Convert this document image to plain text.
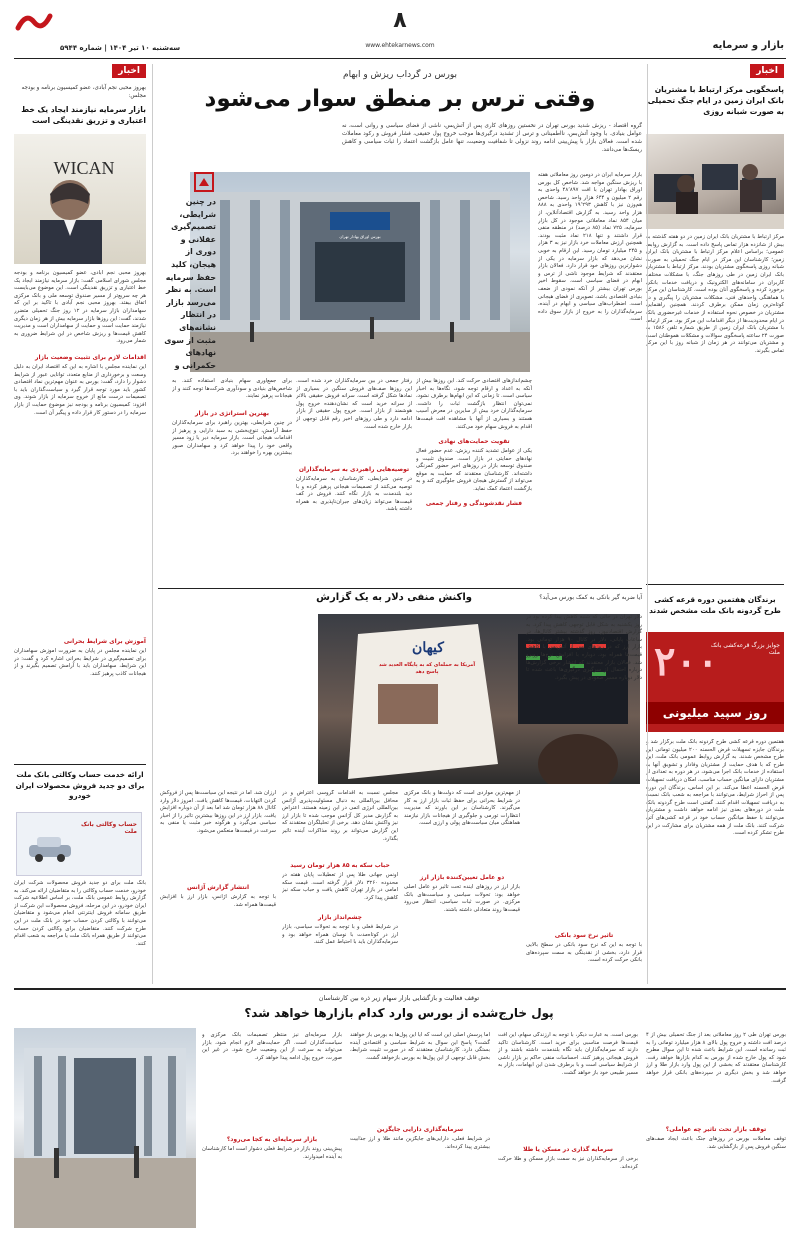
سه‌شنبه ۱۰ تیر ۱۴۰۴ | شماره ۵۹۴۴
۸
www.ehtekarnews.com	بازار و سرمایه
اخبار
پاسخگویی مرکز ارتباط با مشتریان بانک ایران زمین در ایام جنگ تحمیلی به صورت شبانه روزی
مرکز ارتباط با مشتریان بانک ایران زمین در دو هفته گذشته به بیش از شانزده هزار تماس پاسخ داده است. به گزارش روابط عمومی؛ براساس اعلام مرکز ارتباط با مشتریان بانک ایران زمین؛ کارشناسان این مرکز در ایام جنگ تحمیلی به صورت شبانه روزی پاسخگوی مشتریان بودند. مرکز ارتباط با مشتریان بانک ایران زمین در طی روزهای جنگ، با مشکلات مختلف کاربران در سامانه‌های الکترونیک و دریافت خدمات بانکی برخورد کرده و پاسخگوی آنان بوده است. کارشناسان این مرکز با هماهنگی واحدهای فنی، مشکلات مشتریان را پیگیری و در کوتاه‌ترین زمان ممکن برطرف کردند. همچنین راهنمایی مشتریان در خصوص نحوه استفاده از خدمات غیرحضوری بانک در ایام محدودیت‌ها از دیگر اقدامات این مرکز بود. مرکز ارتباط با مشتریان بانک ایران زمین از طریق شماره تلفن ۱۵۸۶ به صورت ۲۴ ساعته پاسخگوی سوالات و مشکلات هموطنان است و مشتریان می‌توانند در هر زمان از شبانه روز با این مرکز تماس بگیرند.
برندگان هفتمین دوره قرعه کشی طرح گردونه بانک ملت مشخص شدند
۲۰۰
جوایز بزرگ قرعه‌کشی بانک ملت
روز سپید میلیونی
هفتمین دوره قرعه کشی طرح گردونه بانک ملت برگزار شد و برندگان جایزه تسهیلات قرض الحسنه ۲۰۰ میلیون تومانی این طرح مشخص شدند. به گزارش روابط عمومی بانک ملت، این طرح که با هدف حمایت از مشتریان وفادار و تشویق آنها به استفاده از خدمات بانک اجرا می‌شود، در هر دوره به تعدادی از مشتریان دارای میانگین حساب مناسب، امکان دریافت تسهیلات قرض الحسنه اعطا می‌کند. بر این اساس، برندگان این دوره پس از احراز شرایط، می‌توانند با مراجعه به شعب بانک نسبت به دریافت تسهیلات اقدام کنند. گفتنی است طرح گردونه بانک ملت در دوره‌های بعدی نیز ادامه خواهد داشت و مشتریان می‌توانند با حفظ میانگین حساب خود در قرعه کشی‌های آتی شرکت کنند. بانک ملت از همه مشتریان برای مشارکت در این طرح تشکر کرده است.
اخبار
بهروز محبی نجم آبادی، عضو کمیسیون برنامه و بودجه مجلس:
بازار سرمایه نیازمند ایجاد یک خط اعتباری و تزریق نقدینگی است
WICAN
بهروز محبی نجم آبادی، عضو کمیسیون برنامه و بودجه مجلس شورای اسلامی گفت: بازار سرمایه نیازمند ایجاد یک خط اعتباری و تزریق نقدینگی است. این موضوع می‌بایست هر چه سریع‌تر از مسیر صندوق توسعه ملی و بانک مرکزی اتفاق بیفتد. بهروز محبی نجم آبادی با تاکید بر این که سهامداران بازار سرمایه در ۱۲ روز جنگ تحمیلی متضرر شدند، گفت: این روزها بازار سرمایه بیش از هر زمان دیگری نیازمند حمایت است و حمایت از سهامداران است و مدیریت کاهش قیمت‌ها و ریزش شاخص در این شرایط ضروری به شمار می‌رود.
اقدامات لازم برای تثبیت وضعیت بازار
این نماینده مجلس با اشاره به این که اقتصاد ایران به دلیل وسعت و برخورداری از منابع متعدد، توانایی عبور از شرایط دشوار را دارد، گفت: بورس به عنوان مهم‌ترین نماد اقتصادی کشور باید مورد توجه قرار گیرد و سیاست‌گذاران باید با تصمیمات درست مانع از خروج سرمایه از بازار شوند. وی افزود: کمیسیون برنامه و بودجه نیز موضوع حمایت از بازار سرمایه را در دستور کار قرار داده و پیگیر آن است.
آموزش برای شرایط بحرانی
این نماینده مجلس در پایان به ضرورت آموزش سهامداران برای تصمیم‌گیری در شرایط بحرانی اشاره کرد و گفت: در این شرایط، سهامداران باید با آرامش تصمیم بگیرند و از هیجانات کاذب پرهیز کنند.
ارائه خدمت حساب وکالتی بانک ملت برای دو جدید فروش محصولات ایران خودرو
حساب وکالتی بانک ملت
بانک ملت برای دو جدید فروش محصولات شرکت ایران خودرو، خدمت حساب وکالتی را به متقاضیان ارائه می‌کند. به گزارش روابط عمومی بانک ملت، بر اساس اطلاعیه شرکت ایران خودرو، در این مرحله، فروش محصولات این شرکت از طریق سامانه فروش اینترنتی انجام می‌شود و متقاضیان می‌توانند با وکالتی کردن حساب خود در بانک ملت در این طرح شرکت کنند. متقاضیان برای وکالتی کردن حساب می‌توانند از طریق همراه بانک ملت یا مراجعه به شعب اقدام کنند.
بورس در گرداب ریزش و ابهام
وقتی ترس بر منطق سوار می‌شود
گروه اقتصاد - ریزش شدید بورس تهران در نخستین روزهای کاری پس از آتش‌بس، ناشی از فضای سیاسی و روانی است، نه عوامل بنیادی. با وجود آتش‌بس، نااطمینانی و ترس از تشدید درگیری‌ها موجب خروج پول حقیقی، فشار فروش و رکود معاملات شده است. فعالان بازار با پیش‌بینی ادامه روند نزولی تا شفافیت وضعیت، تنها عامل بازگشت اعتماد را ثبات سیاسی و کاهش ریسک‌ها می‌دانند.
بورس اوراق بهادار تهران
در چنین شرایطی، تصمیم‌گیری عقلانی و دوری از هیجان، کلید حفظ سرمایه است. به نظر می‌رسد بازار در انتظار نشانه‌های مثبت از سوی نهادهای حکمرانی و
بازار سرمایه ایران در دومین روز معاملاتی هفته با ریزش سنگین مواجه شد. شاخص کل بورس اوراق بهادار تهران با افت ۴۸٬۸۹۷ واحدی به رقم ۲ میلیون و ۶۴۴ هزار واحد رسید. شاخص هم‌وزن نیز با کاهش ۱۹٬۲۹۳ واحدی به ۸۸۸ هزار واحد رسید. به گزارش اقتصادآنلاین، از میان ۸۵۴ نماد معاملاتی موجود در کل بازار سرمایه، ۷۲۵ نماد (۸۵ درصد) در منطقه منفی قرار داشتند و تنها ۲۱۸ نماد مثبت بودند. همچنین ارزش معاملات خرد بازار نیز به ۳ هزار و ۲۴۵ میلیارد تومان رسید. این ارقام به خوبی نشان می‌دهد که بازار سرمایه در یکی از دشوارترین روزهای خود قرار دارد. فعالان بازار معتقدند که شرایط موجود ناشی از ترس و ابهام در فضای سیاسی است. سقوط اخیر بورس تهران بیشتر از آنکه نمودی از ضعف بنیادی اقتصادی باشد، تصویری از فضای هیجانی است. اضطراب‌های سیاسی و ابهام در آینده، سرمایه‌گذاران را به خروج از بازار سوق داده است.
چشم‌اندازهای اقتصادی حرکت کند. این روزها بیش از آنکه به اعداد و ارقام توجه شود، نگاه‌ها به اخبار سیاسی است. تا زمانی که این ابهام‌ها برطرف نشود، نمی‌توان انتظار بازگشت ثبات را داشت. سرمایه‌گذاران خرد بیش از سایرین در معرض آسیب هستند و بسیاری از آنها با مشاهده افت قیمت‌ها اقدام به فروش سهام خود می‌کنند.
تقویت حمایت‌های نهادی
یکی از عوامل تشدید کننده ریزش، عدم حضور فعال نهادهای حمایتی در بازار است. صندوق تثبیت و صندوق توسعه بازار در روزهای اخیر حضور کمرنگی داشته‌اند. کارشناسان معتقدند که حمایت به موقع می‌تواند از گسترش هیجان فروش جلوگیری کند و به بازگشت اعتماد کمک نماید.
فشار نقدشوندگی و رفتار جمعی
رفتار جمعی در بین سرمایه‌گذاران خرد شده است. این روزها صف‌های فروش سنگین در بسیاری از نمادها شکل گرفته است. سرانه فروش حقیقی بالاتر از سرانه خرید است که نشان‌دهنده خروج پول هوشمند از بازار است. خروج پول حقیقی از بازار ادامه دارد و طی روزهای اخیر رقم قابل توجهی از بازار خارج شده است.
توصیه‌هایی راهبردی به سرمایه‌گذاران
در چنین شرایطی، کارشناسان به سرمایه‌گذاران توصیه می‌کنند از تصمیمات هیجانی پرهیز کرده و با دید بلندمدت به بازار نگاه کنند. فروش در کف قیمت‌ها می‌تواند زیان‌های جبران‌ناپذیری به همراه داشته باشد.
برای جمع‌آوری سهام بنیادی استفاده کنند. به شاخص‌های بنیادی و سودآوری شرکت‌ها توجه کنند و از هیجانات پرهیز نمایند.
بهترین استراتژی در بازار
در چنین شرایطی، بهترین راهبرد برای سرمایه‌گذاران حفظ آرامش، تنوع‌بخشی به سبد دارایی و پرهیز از اقدامات هیجانی است. بازار سرمایه دیر یا زود مسیر واقعی خود را پیدا خواهد کرد و سهامداران صبور بیشترین بهره را خواهند برد.
آیا ضربه گیر بانکی به کمک بورس می‌آید؟
واکنش منفی دلار به یک گزارش
کیهان
آمریکا به حمله‌ای که به پایگاه العدید شد پاسخ دهد
دلار تهران در حالی که شنبه کاهش پیدا کرده بود در روز یکشنبه به شکل قابل توجهی کاهش پیدا کرد. به گزارش اقتصادنیوز، روز گذشته بیشتر کانال‌ها، در ساعات پایانی، دلار در کانال ۹۰ هزار تومانی بود. بازار ارز که در روزهای پس از آتش‌بس با کاهش قیمت‌ها همراه بود، دوباره با افزایش نرخ‌ها روبرو شد. فعالان بازار معتقدند که انتشار برخی گزارش‌ها درباره احتمال از سرگیری درگیری‌ها باعث شده تا دلار دوباره مسیر صعودی در پیش بگیرد.
تاثیر نرخ سود بانکی
با توجه به این که نرخ سود بانکی در سطح بالایی قرار دارد، بخشی از نقدینگی به سمت سپرده‌های بانکی حرکت کرده است.
از مهم‌ترین مواردی است که دولت‌ها و بانک مرکزی در شرایط بحرانی برای حفظ ثبات بازار ارز به کار می‌گیرند. کارشناسان بر این باورند که مدیریت انتظارات تورمی و جلوگیری از هیجانات بازار نیازمند هماهنگی میان سیاست‌های پولی و ارزی است.
دو عامل تعیین‌کننده بازار ارز
بازار ارز در روزهای آینده تحت تاثیر دو عامل اصلی خواهد بود: تحولات سیاسی و سیاست‌های بانک مرکزی. در صورت ثبات سیاسی، انتظار می‌رود قیمت‌ها روند متعادلی داشته باشند.
مجلس نسبت به اقدامات گروسی اعتراض و در محافل بین‌المللی به دنبال مسئولیت‌پذیری آژانس بین‌المللی انرژی اتمی در این زمینه هستند. اعتراض به گزارش مدیر کل آژانس موجب شده تا بازار ارز نیز واکنش نشان دهد. برخی از تحلیلگران معتقدند که این گزارش می‌تواند بر روند مذاکرات آینده تاثیر بگذارد.
حباب سکه به ۸۵ هزار تومان رسید
اونس جهانی طلا پس از تعطیلات پایان هفته در محدوده ۳۲۶۰ دلار قرار گرفته است. قیمت سکه امامی در بازار تهران کاهش یافت و حباب سکه نیز کاهش پیدا کرد.
چشم‌انداز بازار
در شرایط فعلی و با توجه به تحولات سیاسی، بازار ارز در کوتاه‌مدت با نوسان همراه خواهد بود و سرمایه‌گذاران باید با احتیاط عمل کنند.
ارزان شد. اما در نتیجه این سیاست‌ها پس از فروکش کردن التهابات، قیمت‌ها کاهش یافت. امروز دلار وارد کانال ۸۸ هزار تومان شد اما بعد از آن دوباره افزایش یافت. بازار ارز در این روزها بیشترین تاثیر را از اخبار سیاسی می‌گیرد و هرگونه خبر مثبت یا منفی به سرعت در قیمت‌ها منعکس می‌شود.
انتشار گزارش آژانس
با توجه به گزارش آژانس، بازار ارز با افزایش قیمت‌ها همراه شد.
توقف فعالیت و بازگشایی بازار سهام زیر ذره بین کارشناسان
پول خارج‌شده از بورس وارد کدام بازارها خواهد شد؟
بورس تهران طی ۲ روز معاملاتی بعد از جنگ تحمیلی بیش از ۴ درصد افت داشته و خروج پول بالای ۸ هزار میلیارد تومانی را به ثبت رسانده است. این شرایط باعث شده تا این سوال مطرح شود که پول خارج شده از بورس به کدام بازارها خواهد رفت. کارشناسان معتقدند که بخشی از این پول وارد بازار طلا و ارز خواهد شد و بخش دیگری در سپرده‌های بانکی قرار خواهد گرفت.
توقف بازار تحت تاثیر چه عواملی؟
توقف معاملات بورس در روزهای جنگ باعث ایجاد صف‌های سنگین فروش پس از بازگشایی شد.
بورس است. به عبارت دیگر، با توجه به ارزندگی سهام، این افت قیمت‌ها فرصت مناسبی برای خرید است. کارشناسان تاکید دارند که سرمایه‌گذاران باید نگاه بلندمدت داشته باشند و از فروش هیجانی پرهیز کنند. احساسات منفی حاکم بر بازار ناشی از شرایط سیاسی است و با برطرف شدن این ابهامات، بازار به مسیر طبیعی خود باز خواهد گشت.
سرمایه گذاری در مسکن یا طلا
برخی از سرمایه‌گذاران نیز به سمت بازار مسکن و طلا حرکت کرده‌اند.
اما پرسش اصلی این است که آیا این پول‌ها به بورس باز خواهند گشت؟ پاسخ این سوال به شرایط سیاسی و اقتصادی آینده بستگی دارد. کارشناسان معتقدند که در صورت تثبیت شرایط، بخش قابل توجهی از این پول‌ها به بورس بازخواهد گشت.
سرمایه‌گذاری دارایی جایگزین
در شرایط فعلی، دارایی‌های جایگزین مانند طلا و ارز جذابیت بیشتری پیدا کرده‌اند.
بازار سرمایه‌ای نیز منتظر تصمیمات بانک مرکزی و سیاست‌گذاران است. اگر حمایت‌های لازم انجام شود، بازار می‌تواند به سرعت از این وضعیت خارج شود. در غیر این صورت، خروج پول ادامه پیدا خواهد کرد.
بازار سرمایه‌ای به کجا می‌رود؟
پیش‌بینی روند بازار در شرایط فعلی دشوار است اما کارشناسان به آینده امیدوارند.
